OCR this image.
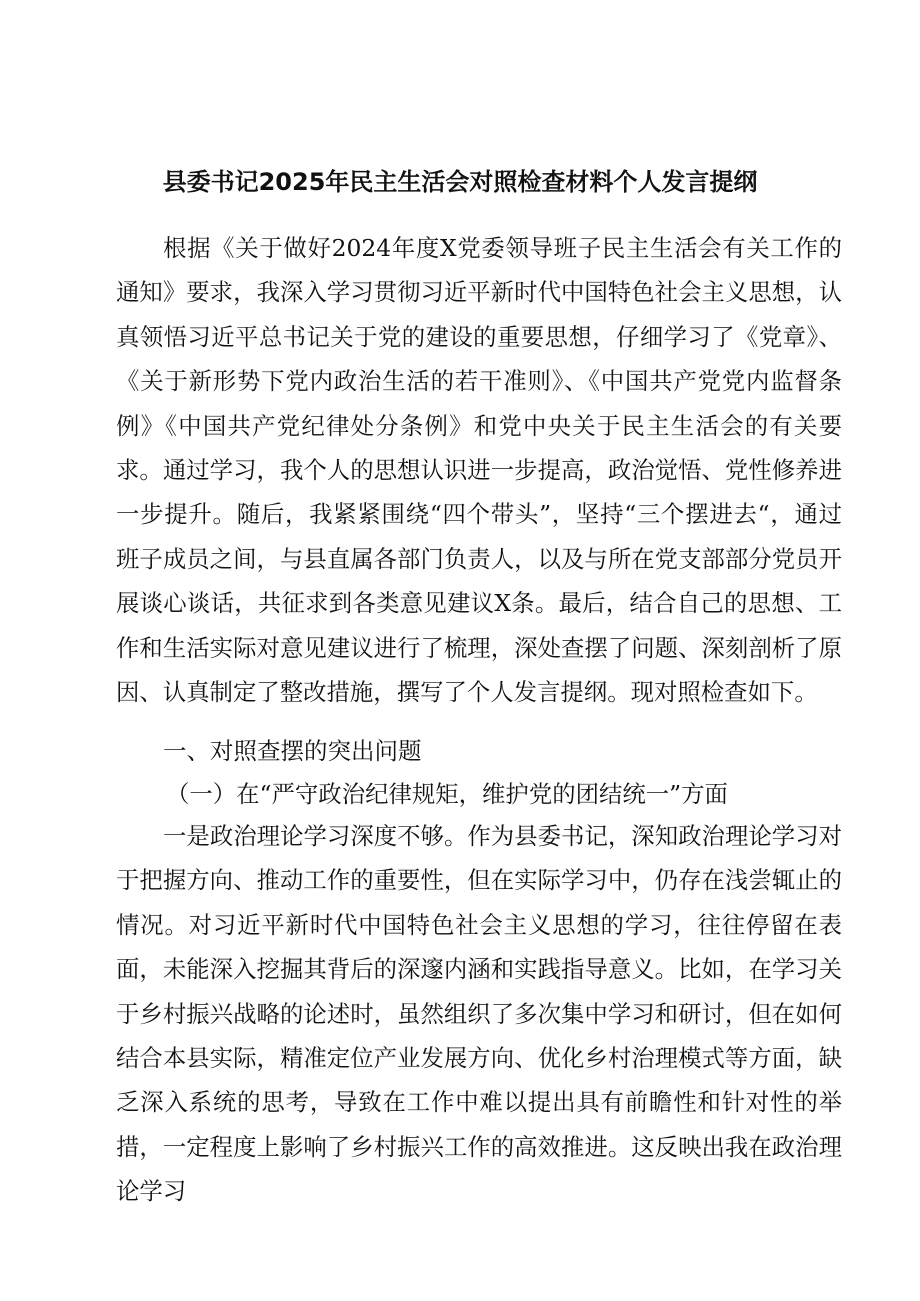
县委书记2025年民主生活会对照检查材料个人发言提纲

根据《关于做好2024年度X党委领导班子民主生活会有关工作的通知》要求，我深入学习贯彻习近平新时代中国特色社会主义思想，认真领悟习近平总书记关于党的建设的重要思想，仔细学习了《党章》、《关于新形势下党内政治生活的若干准则》、《中国共产党党内监督条例》《中国共产党纪律处分条例》和党中央关于民主生活会的有关要求。通过学习，我个人的思想认识进一步提高，政治觉悟、党性修养进一步提升。随后，我紧紧围绕“四个带头”，坚持“三个摆进去“，通过班子成员之间，与县直属各部门负责人，以及与所在党支部部分党员开展谈心谈话，共征求到各类意见建议X条。最后，结合自己的思想、工作和生活实际对意见建议进行了梳理，深处查摆了问题、深刻剖析了原因、认真制定了整改措施，撰写了个人发言提纲。现对照检查如下。

一、对照查摆的突出问题
（一）在“严守政治纪律规矩，维护党的团结统一”方面

一是政治理论学习深度不够。作为县委书记，深知政治理论学习对于把握方向、推动工作的重要性，但在实际学习中，仍存在浅尝辄止的情况。对习近平新时代中国特色社会主义思想的学习，往往停留在表面，未能深入挖掘其背后的深邃内涵和实践指导意义。比如，在学习关于乡村振兴战略的论述时，虽然组织了多次集中学习和研讨，但在如何结合本县实际，精准定位产业发展方向、优化乡村治理模式等方面，缺乏深入系统的思考，导致在工作中难以提出具有前瞻性和针对性的举措，一定程度上影响了乡村振兴工作的高效推进。这反映出我在政治理论学习
